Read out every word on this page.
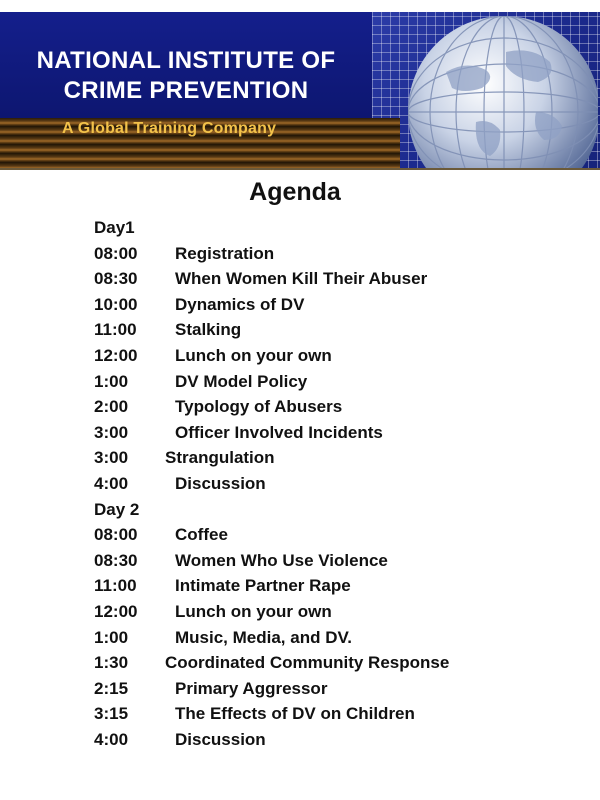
NATIONAL INSTITUTE OF
CRIME PREVENTION
A Global Training Company
Agenda
Day1
08:00 Registration
08:30 When Women Kill Their Abuser
10:00 Dynamics of DV
11:00 Stalking
12:00 Lunch on your own
1:00	DV Model Policy
2:00	Typology of Abusers
3:00	Officer Involved Incidents
3:00 Strangulation
4:00	Discussion
Day 2
08:00 Coffee
08:30 Women Who Use Violence
11:00 Intimate Partner Rape
12:00 Lunch on your own
1:00	Music, Media, and DV.
1:30 Coordinated Community Response
2:15	Primary Aggressor
3:15	The Effects of DV on Children
4:00	Discussion
